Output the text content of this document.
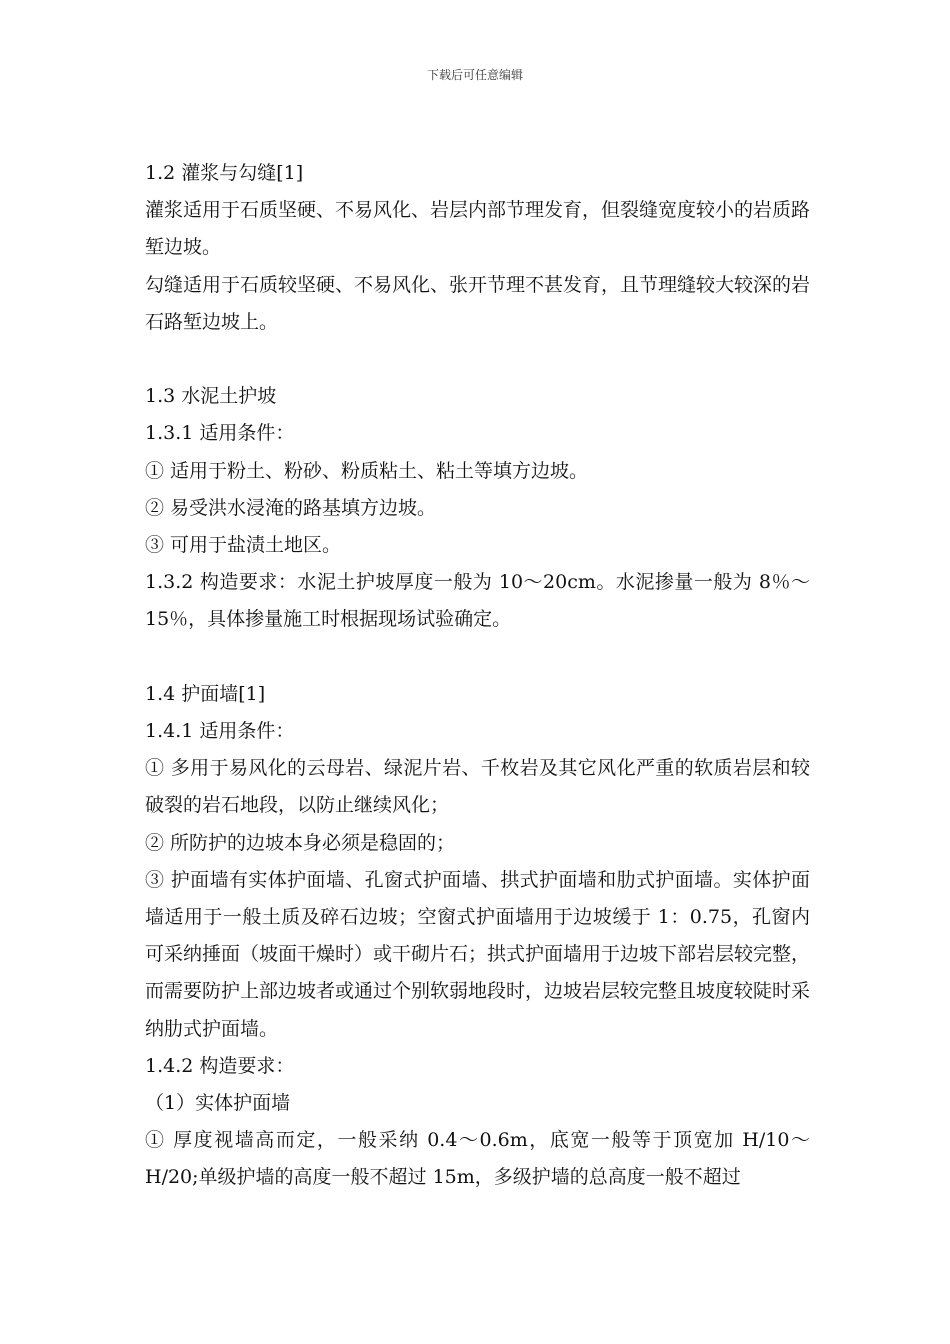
下载后可任意编辑

1.2 灌浆与勾缝[1]

灌浆适用于石质坚硬、不易风化、岩层内部节理发育，但裂缝宽度较小的岩质路堑边坡。

勾缝适用于石质较坚硬、不易风化、张开节理不甚发育，且节理缝较大较深的岩石路堑边坡上。

1.3 水泥土护坡

1.3.1 适用条件：

① 适用于粉土、粉砂、粉质粘土、粘土等填方边坡。

② 易受洪水浸淹的路基填方边坡。

③ 可用于盐渍土地区。

1.3.2 构造要求：水泥土护坡厚度一般为 10～20cm。水泥掺量一般为 8％～15％，具体掺量施工时根据现场试验确定。

1.4 护面墙[1]

1.4.1 适用条件：

① 多用于易风化的云母岩、绿泥片岩、千枚岩及其它风化严重的软质岩层和较破裂的岩石地段，以防止继续风化；

② 所防护的边坡本身必须是稳固的；

③ 护面墙有实体护面墙、孔窗式护面墙、拱式护面墙和肋式护面墙。实体护面墙适用于一般土质及碎石边坡；空窗式护面墙用于边坡缓于 1：0.75，孔窗内可采纳捶面（坡面干燥时）或干砌片石；拱式护面墙用于边坡下部岩层较完整，而需要防护上部边坡者或通过个别软弱地段时，边坡岩层较完整且坡度较陡时采纳肋式护面墙。

1.4.2 构造要求：

（1）实体护面墙

① 厚度视墙高而定，一般采纳 0.4～0.6m，底宽一般等于顶宽加 H/10～H/20;单级护墙的高度一般不超过 15m，多级护墙的总高度一般不超过
